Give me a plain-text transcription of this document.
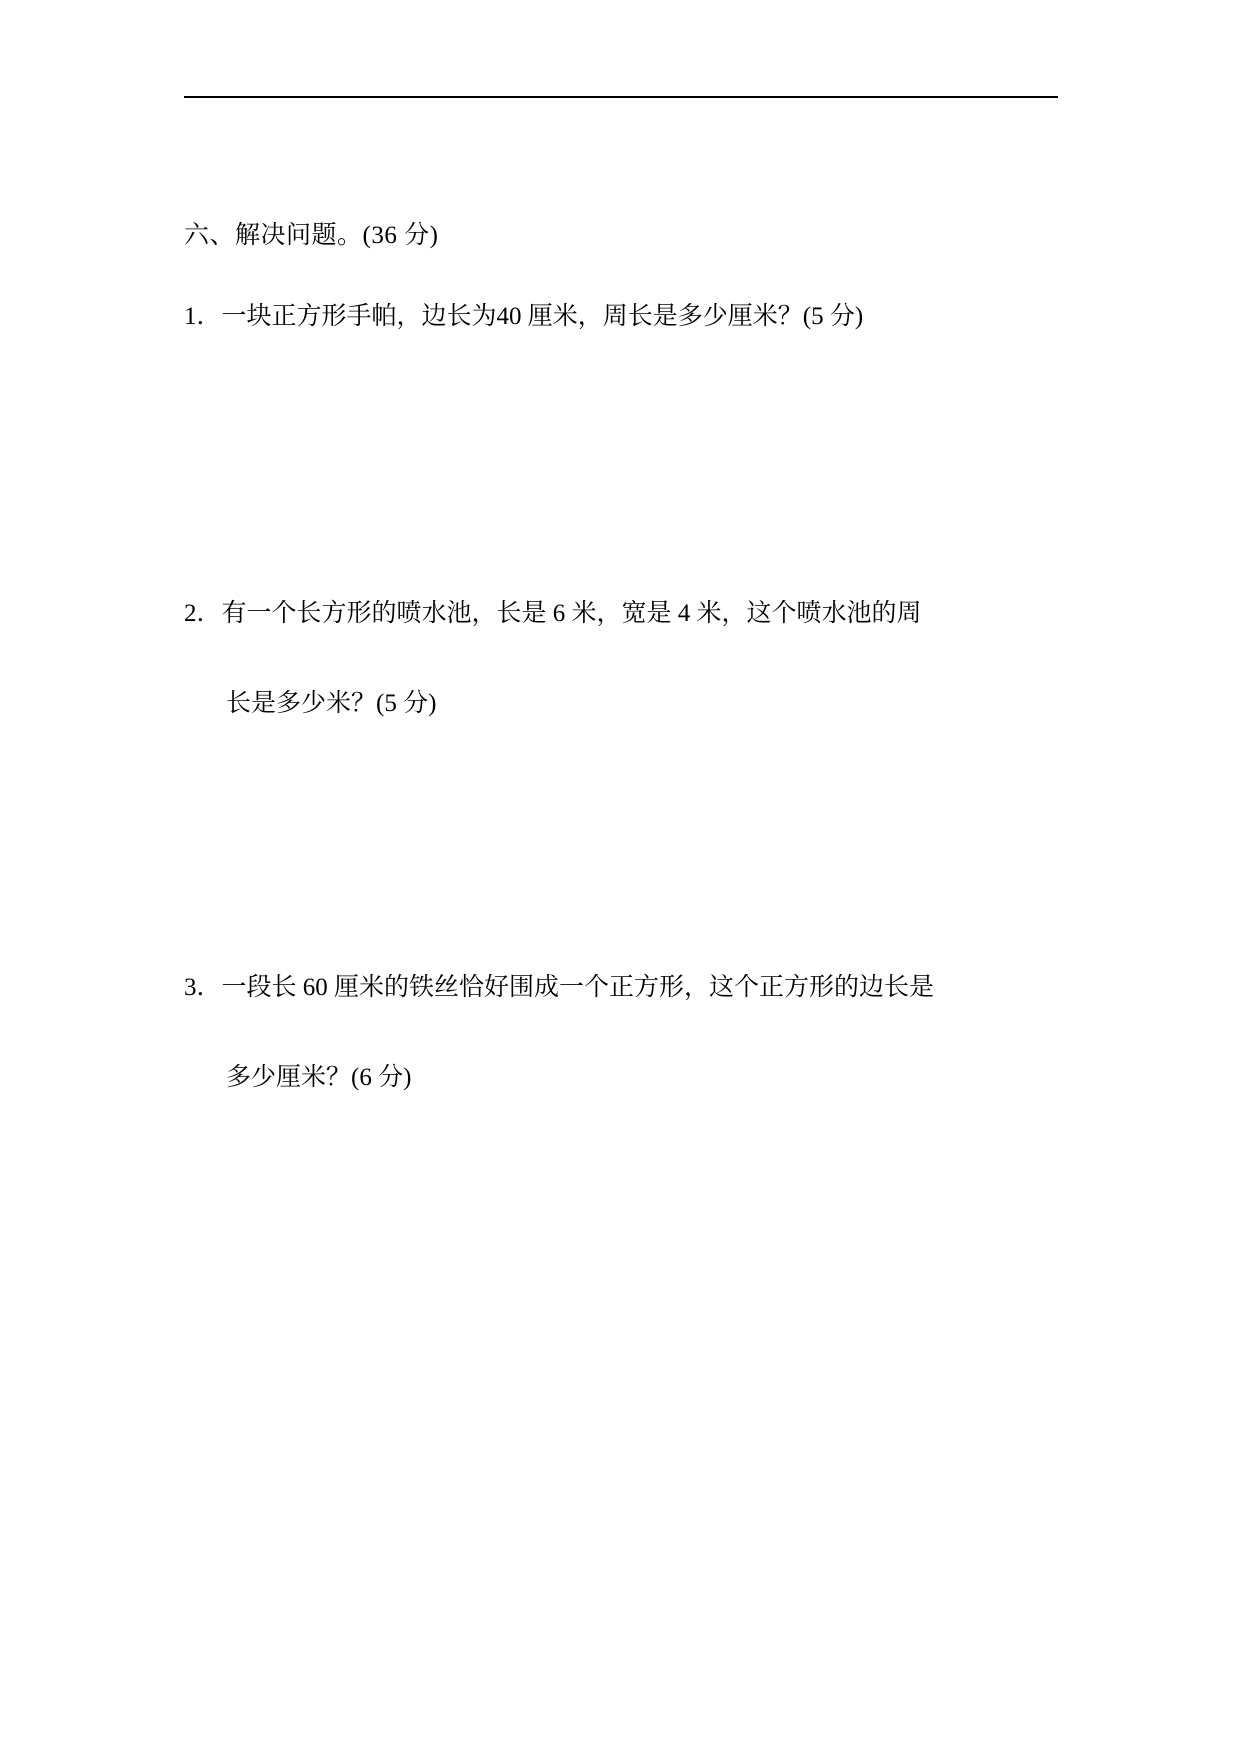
六、解决问题。(36 分)
1．一块正方形手帕，边长为40 厘米，周长是多少厘米？(5 分)
2．有一个长方形的喷水池，长是 6 米，宽是 4 米，这个喷水池的周
长是多少米？(5 分)
3．一段长 60 厘米的铁丝恰好围成一个正方形，这个正方形的边长是
多少厘米？(6 分)
